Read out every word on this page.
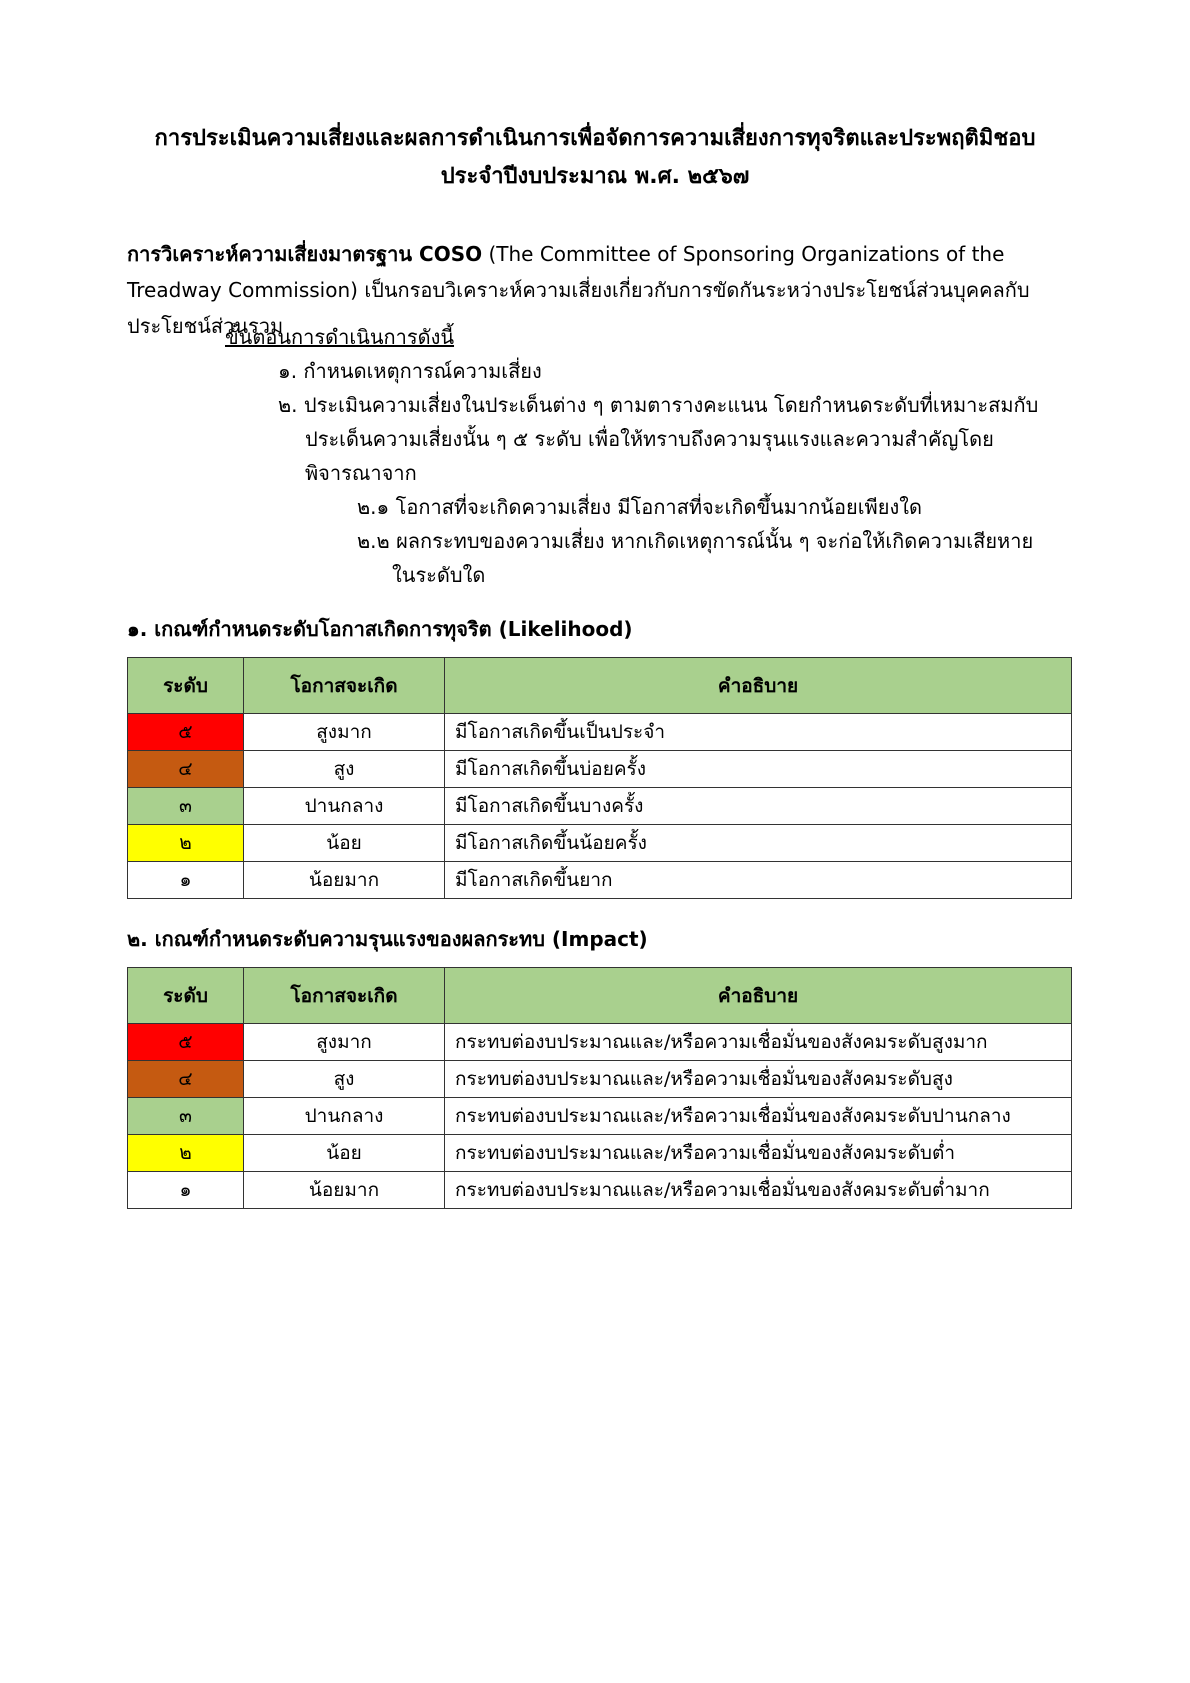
การประเมินความเสี่ยงและผลการดำเนินการเพื่อจัดการความเสี่ยงการทุจริตและประพฤติมิชอบ
ประจำปีงบประมาณ พ.ศ. ๒๕๖๗
การวิเคราะห์ความเสี่ยงมาตรฐาน COSO (The Committee of Sponsoring Organizations of the Treadway Commission) เป็นกรอบวิเคราะห์ความเสี่ยงเกี่ยวกับการขัดกันระหว่างประโยชน์ส่วนบุคคลกับประโยชน์ส่วนรวม
ขั้นตอนการดำเนินการดังนี้
๑. กำหนดเหตุการณ์ความเสี่ยง
๒. ประเมินความเสี่ยงในประเด็นต่าง ๆ ตามตารางคะแนน โดยกำหนดระดับที่เหมาะสมกับ
ประเด็นความเสี่ยงนั้น ๆ ๕ ระดับ เพื่อให้ทราบถึงความรุนแรงและความสำคัญโดย
พิจารณาจาก
๒.๑ โอกาสที่จะเกิดความเสี่ยง มีโอกาสที่จะเกิดขึ้นมากน้อยเพียงใด
๒.๒ ผลกระทบของความเสี่ยง หากเกิดเหตุการณ์นั้น ๆ จะก่อให้เกิดความเสียหาย
ในระดับใด
๑. เกณฑ์กำหนดระดับโอกาสเกิดการทุจริต (Likelihood)
ระดับ	โอกาสจะเกิด	คำอธิบาย
๕	สูงมาก	มีโอกาสเกิดขึ้นเป็นประจำ
๔	สูง	มีโอกาสเกิดขึ้นบ่อยครั้ง
๓	ปานกลาง	มีโอกาสเกิดขึ้นบางครั้ง
๒	น้อย	มีโอกาสเกิดขึ้นน้อยครั้ง
๑	น้อยมาก	มีโอกาสเกิดขึ้นยาก
๒. เกณฑ์กำหนดระดับความรุนแรงของผลกระทบ (Impact)
ระดับ	โอกาสจะเกิด	คำอธิบาย
๕	สูงมาก	กระทบต่องบประมาณและ/หรือความเชื่อมั่นของสังคมระดับสูงมาก
๔	สูง	กระทบต่องบประมาณและ/หรือความเชื่อมั่นของสังคมระดับสูง
๓	ปานกลาง	กระทบต่องบประมาณและ/หรือความเชื่อมั่นของสังคมระดับปานกลาง
๒	น้อย	กระทบต่องบประมาณและ/หรือความเชื่อมั่นของสังคมระดับต่ำ
๑	น้อยมาก	กระทบต่องบประมาณและ/หรือความเชื่อมั่นของสังคมระดับต่ำมาก
